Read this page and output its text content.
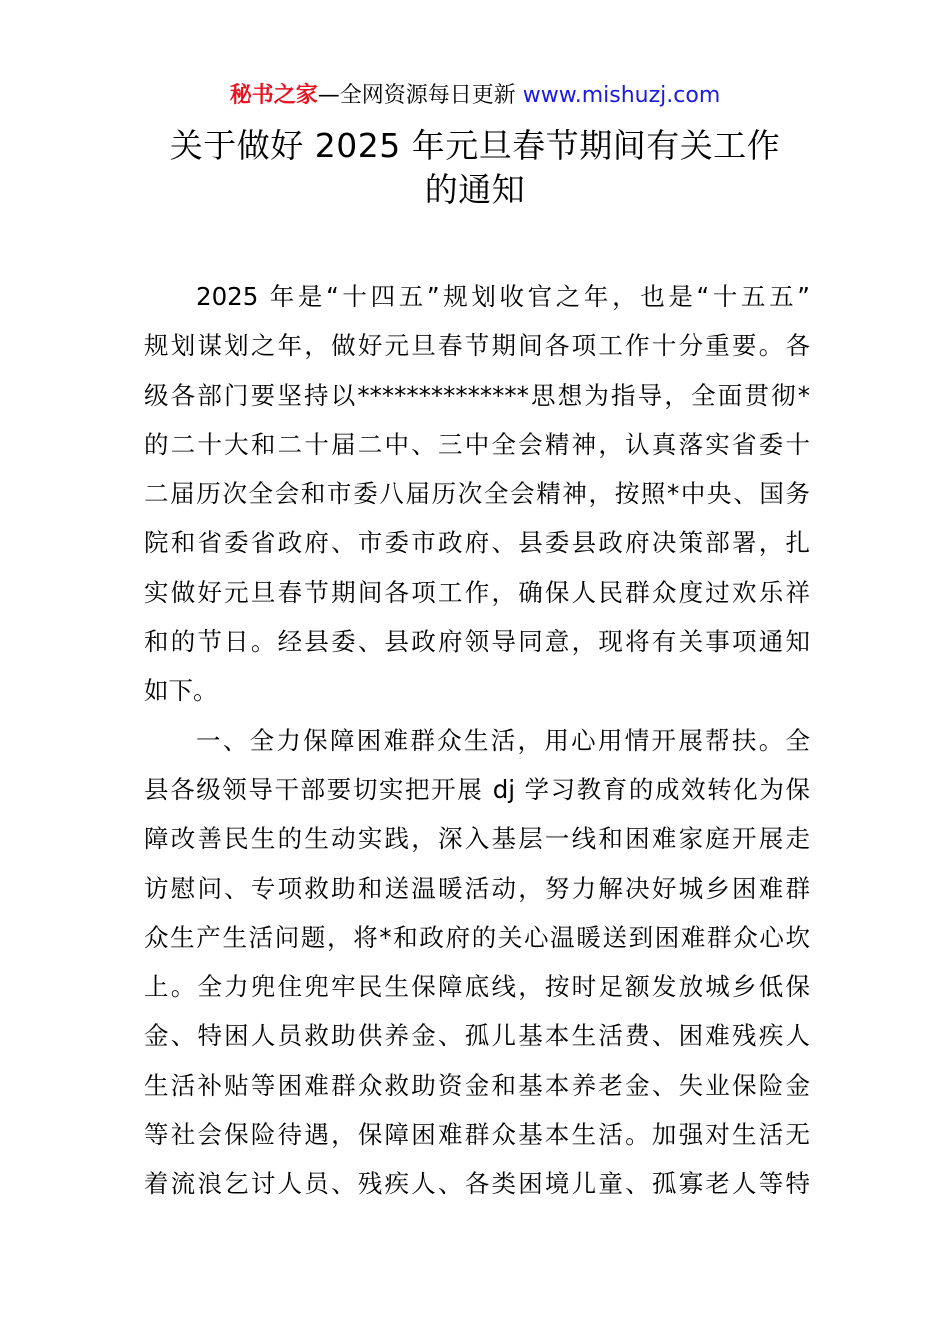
秘书之家—全网资源每日更新 www.mishuzj.com
关于做好 2025 年元旦春节期间有关工作
的通知
2025 年是“十四五”规划收官之年，也是“十五五”
规划谋划之年，做好元旦春节期间各项工作十分重要。各
级各部门要坚持以**************思想为指导，全面贯彻*
的二十大和二十届二中、三中全会精神，认真落实省委十
二届历次全会和市委八届历次全会精神，按照*中央、国务
院和省委省政府、市委市政府、县委县政府决策部署，扎
实做好元旦春节期间各项工作，确保人民群众度过欢乐祥
和的节日。经县委、县政府领导同意，现将有关事项通知
如下。
一、全力保障困难群众生活，用心用情开展帮扶。全
县各级领导干部要切实把开展 dj 学习教育的成效转化为保
障改善民生的生动实践，深入基层一线和困难家庭开展走
访慰问、专项救助和送温暖活动，努力解决好城乡困难群
众生产生活问题，将*和政府的关心温暖送到困难群众心坎
上。全力兜住兜牢民生保障底线，按时足额发放城乡低保
金、特困人员救助供养金、孤儿基本生活费、困难残疾人
生活补贴等困难群众救助资金和基本养老金、失业保险金
等社会保险待遇，保障困难群众基本生活。加强对生活无
着流浪乞讨人员、残疾人、各类困境儿童、孤寡老人等特
